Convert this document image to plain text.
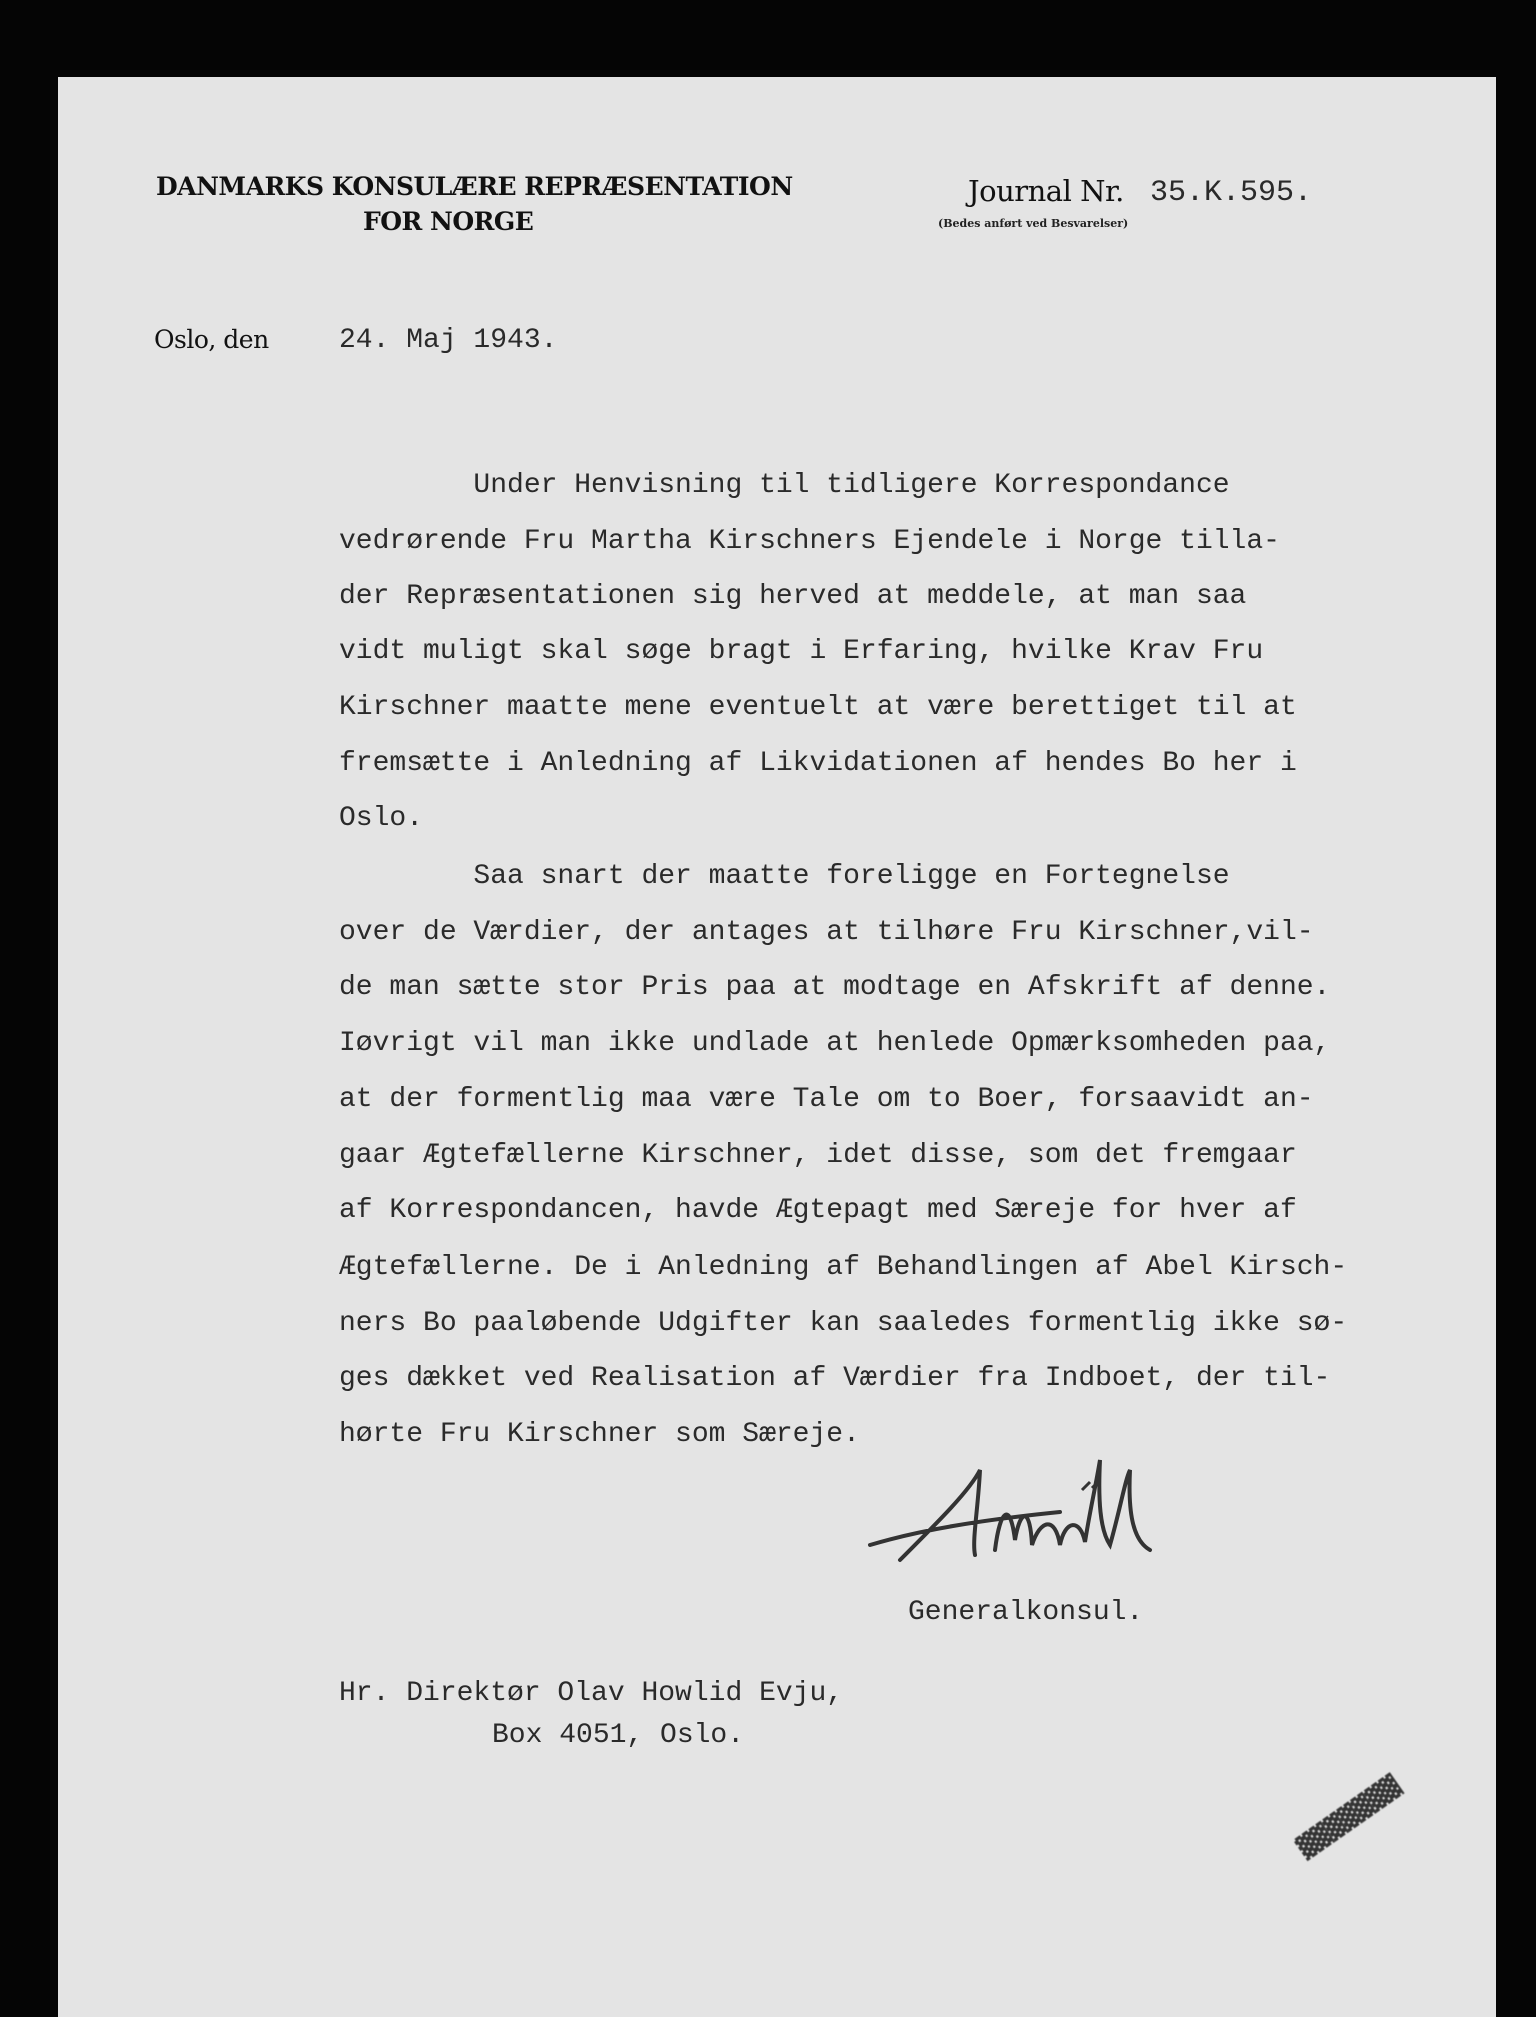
DANMARKS KONSULÆRE REPRÆSENTATION
FOR NORGE
Journal Nr. 35.K.595.
(Bedes anført ved Besvarelser)
Oslo, den	24. Maj 1943.
Under Henvisning til tidligere Korrespondance
vedrørende Fru Martha Kirschners Ejendele i Norge tilla-
der Repræsentationen sig herved at meddele, at man saa
vidt muligt skal søge bragt i Erfaring, hvilke Krav Fru
Kirschner maatte mene eventuelt at være berettiget til at
fremsætte i Anledning af Likvidationen af hendes Bo her i
Oslo.
Saa snart der maatte foreligge en Fortegnelse
over de Værdier, der antages at tilhøre Fru Kirschner,vil-
de man sætte stor Pris paa at modtage en Afskrift af denne.
Iøvrigt vil man ikke undlade at henlede Opmærksomheden paa,
at der formentlig maa være Tale om to Boer, forsaavidt an-
gaar Ægtefællerne Kirschner, idet disse, som det fremgaar
af Korrespondancen, havde Ægtepagt med Særeje for hver af
Ægtefællerne. De i Anledning af Behandlingen af Abel Kirsch-
ners Bo paaløbende Udgifter kan saaledes formentlig ikke sø-
ges dækket ved Realisation af Værdier fra Indboet, der til-
hørte Fru Kirschner som Særeje.
Generalkonsul.
Hr. Direktør Olav Howlid Evju,
Box 4051, Oslo.
▓▓▓▓▓▓▓
